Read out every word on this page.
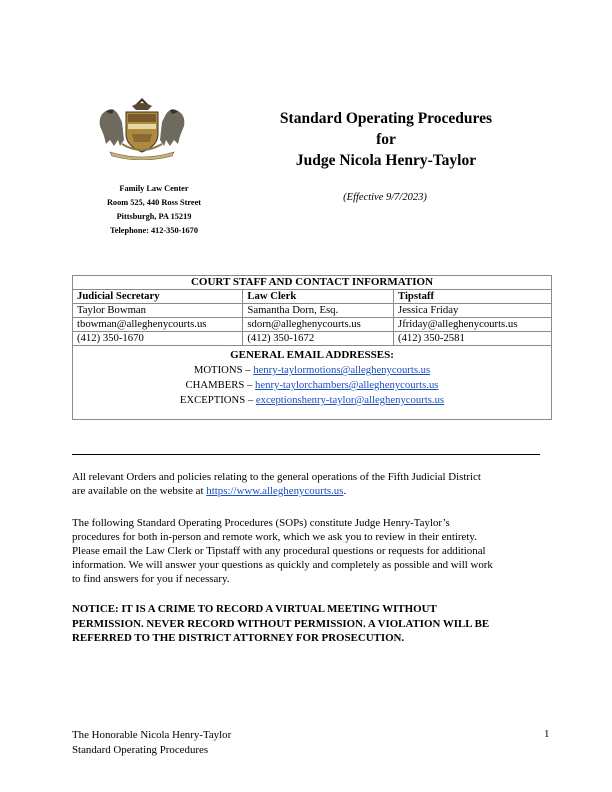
Family Law Center
Room 525, 440 Ross Street
Pittsburgh, PA 15219
Telephone: 412-350-1670
Standard Operating Procedures
for
Judge Nicola Henry-Taylor
(Effective 9/7/2023)
COURT STAFF AND CONTACT INFORMATION		
Judicial Secretary	Law Clerk	Tipstaff
Taylor Bowman	Samantha Dorn, Esq.	Jessica Friday
tbowman@alleghenycourts.us	sdorn@alleghenycourts.us	Jfriday@alleghenycourts.us
(412) 350-1670	(412) 350-1672	(412) 350-2581

GENERAL EMAIL ADDRESSES:
MOTIONS – henry-taylormotions@alleghenycourts.us
CHAMBERS – henry-taylorchambers@alleghenycourts.us
EXCEPTIONS – exceptionshenry-taylor@alleghenycourts.us		
All relevant Orders and policies relating to the general operations of the Fifth Judicial District
are available on the website at https://www.alleghenycourts.us.
The following Standard Operating Procedures (SOPs) constitute Judge Henry-Taylor’s
procedures for both in-person and remote work, which we ask you to review in their entirety.
Please email the Law Clerk or Tipstaff with any procedural questions or requests for additional
information. We will answer your questions as quickly and completely as possible and will work
to find answers for you if necessary.
NOTICE: IT IS A CRIME TO RECORD A VIRTUAL MEETING WITHOUT
PERMISSION. NEVER RECORD WITHOUT PERMISSION. A VIOLATION WILL BE
REFERRED TO THE DISTRICT ATTORNEY FOR PROSECUTION.
The Honorable Nicola Henry-Taylor
Standard Operating Procedures
1
